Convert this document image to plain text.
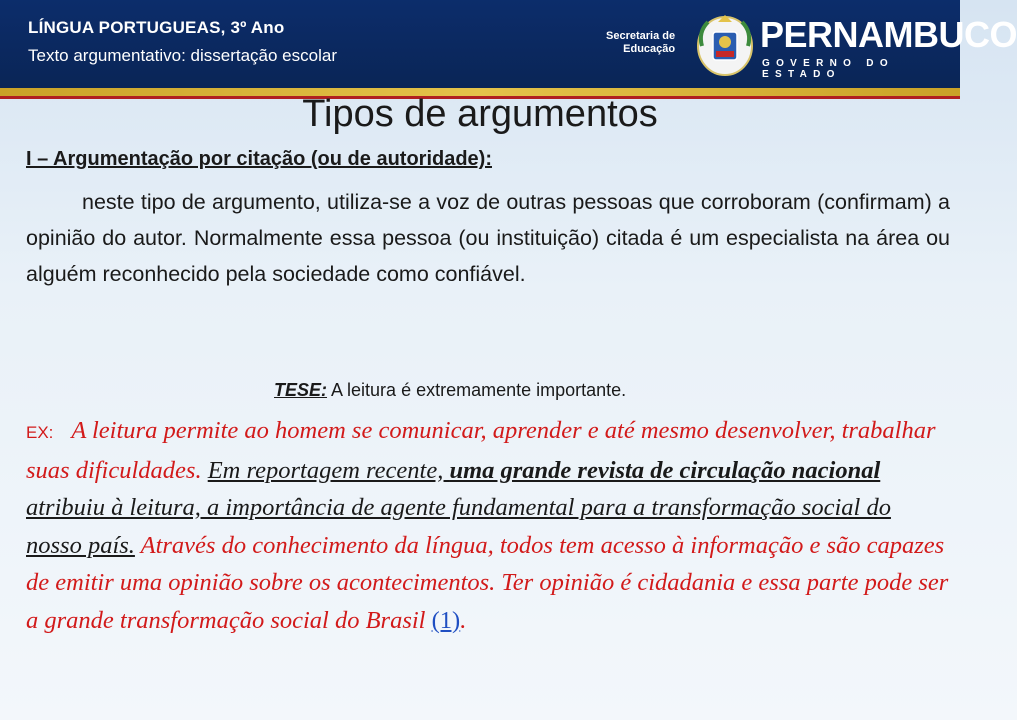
LÍNGUA PORTUGUEAS, 3º Ano
Texto argumentativo: dissertação escolar
Secretaria de
Educação PERNAMBUCO
GOVERNO DO ESTADO
Tipos de argumentos
I – Argumentação por citação (ou de autoridade):

neste tipo de argumento, utiliza-se a voz de outras pessoas que corroboram (confirmam) a opinião do autor. Normalmente essa pessoa (ou instituição) citada é um especialista na área ou alguém reconhecido pela sociedade como confiável.

TESE: A leitura é extremamente importante.

EX: A leitura permite ao homem se comunicar, aprender e até mesmo desenvolver, trabalhar suas dificuldades. Em reportagem recente, uma grande revista de circulação nacional atribuiu à leitura, a importância de agente fundamental para a transformação social do nosso país. Através do conhecimento da língua, todos tem acesso à informação e são capazes de emitir uma opinião sobre os acontecimentos. Ter opinião é cidadania e essa parte pode ser a grande transformação social do Brasil (1).
